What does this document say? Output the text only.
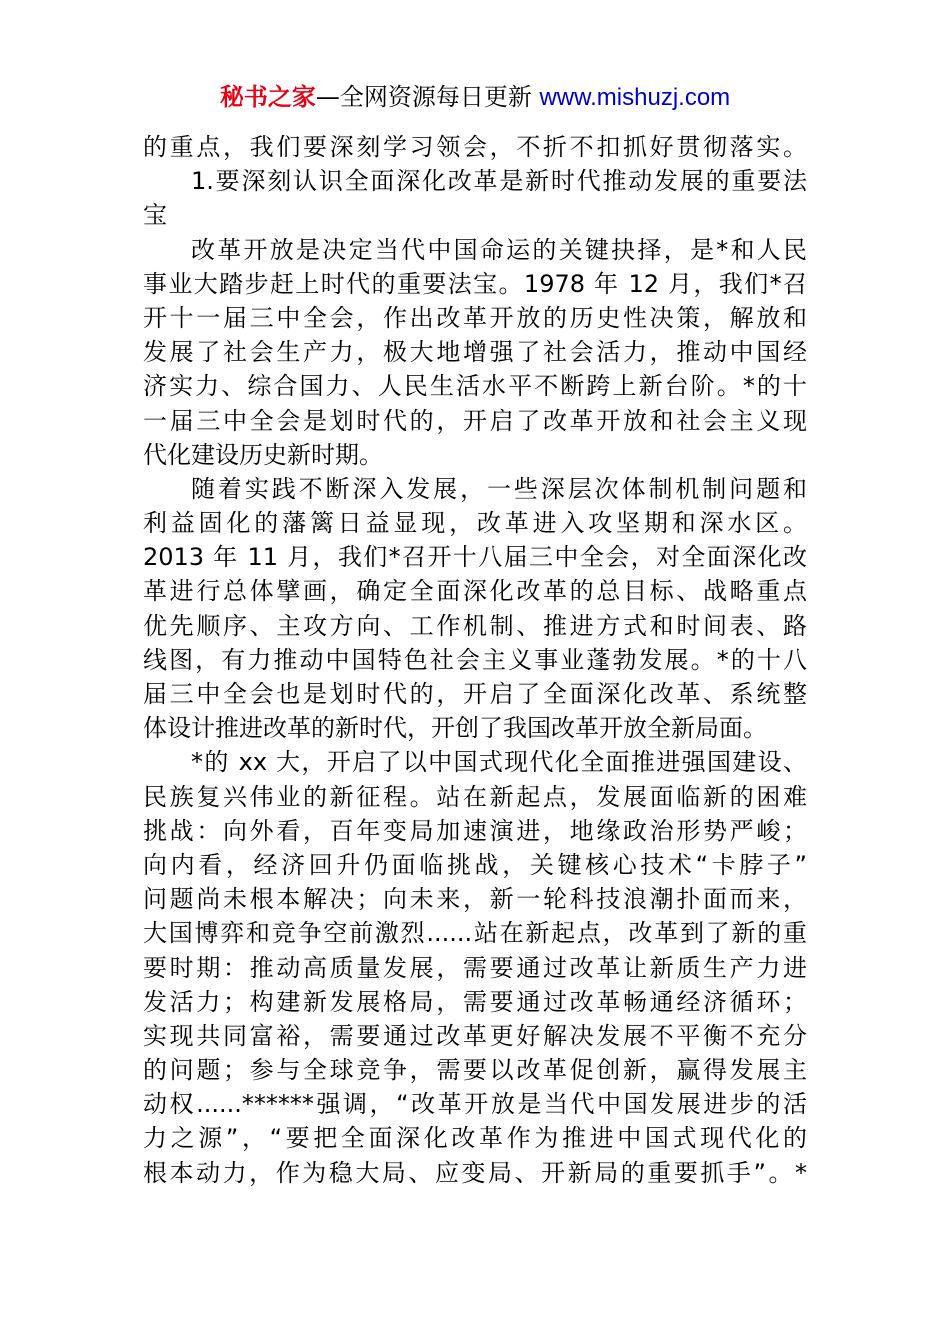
秘书之家—全网资源每日更新 www.mishuzj.com
的重点，我们要深刻学习领会，不折不扣抓好贯彻落实。
1.要深刻认识全面深化改革是新时代推动发展的重要法
宝
改革开放是决定当代中国命运的关键抉择，是*和人民
事业大踏步赶上时代的重要法宝。1978 年 12 月，我们*召
开十一届三中全会，作出改革开放的历史性决策，解放和
发展了社会生产力，极大地增强了社会活力，推动中国经
济实力、综合国力、人民生活水平不断跨上新台阶。*的十
一届三中全会是划时代的，开启了改革开放和社会主义现
代化建设历史新时期。
随着实践不断深入发展，一些深层次体制机制问题和
利益固化的藩篱日益显现，改革进入攻坚期和深水区。
2013 年 11 月，我们*召开十八届三中全会，对全面深化改
革进行总体擘画，确定全面深化改革的总目标、战略重点
优先顺序、主攻方向、工作机制、推进方式和时间表、路
线图，有力推动中国特色社会主义事业蓬勃发展。*的十八
届三中全会也是划时代的，开启了全面深化改革、系统整
体设计推进改革的新时代，开创了我国改革开放全新局面。
*的 xx 大，开启了以中国式现代化全面推进强国建设、
民族复兴伟业的新征程。站在新起点，发展面临新的困难
挑战：向外看，百年变局加速演进，地缘政治形势严峻；
向内看，经济回升仍面临挑战，关键核心技术“卡脖子”
问题尚未根本解决；向未来，新一轮科技浪潮扑面而来，
大国博弈和竞争空前激烈......站在新起点，改革到了新的重
要时期：推动高质量发展，需要通过改革让新质生产力进
发活力；构建新发展格局，需要通过改革畅通经济循环；
实现共同富裕，需要通过改革更好解决发展不平衡不充分
的问题；参与全球竞争，需要以改革促创新，赢得发展主
动权......******强调，“改革开放是当代中国发展进步的活
力之源”，“要把全面深化改革作为推进中国式现代化的
根本动力，作为稳大局、应变局、开新局的重要抓手”。*
